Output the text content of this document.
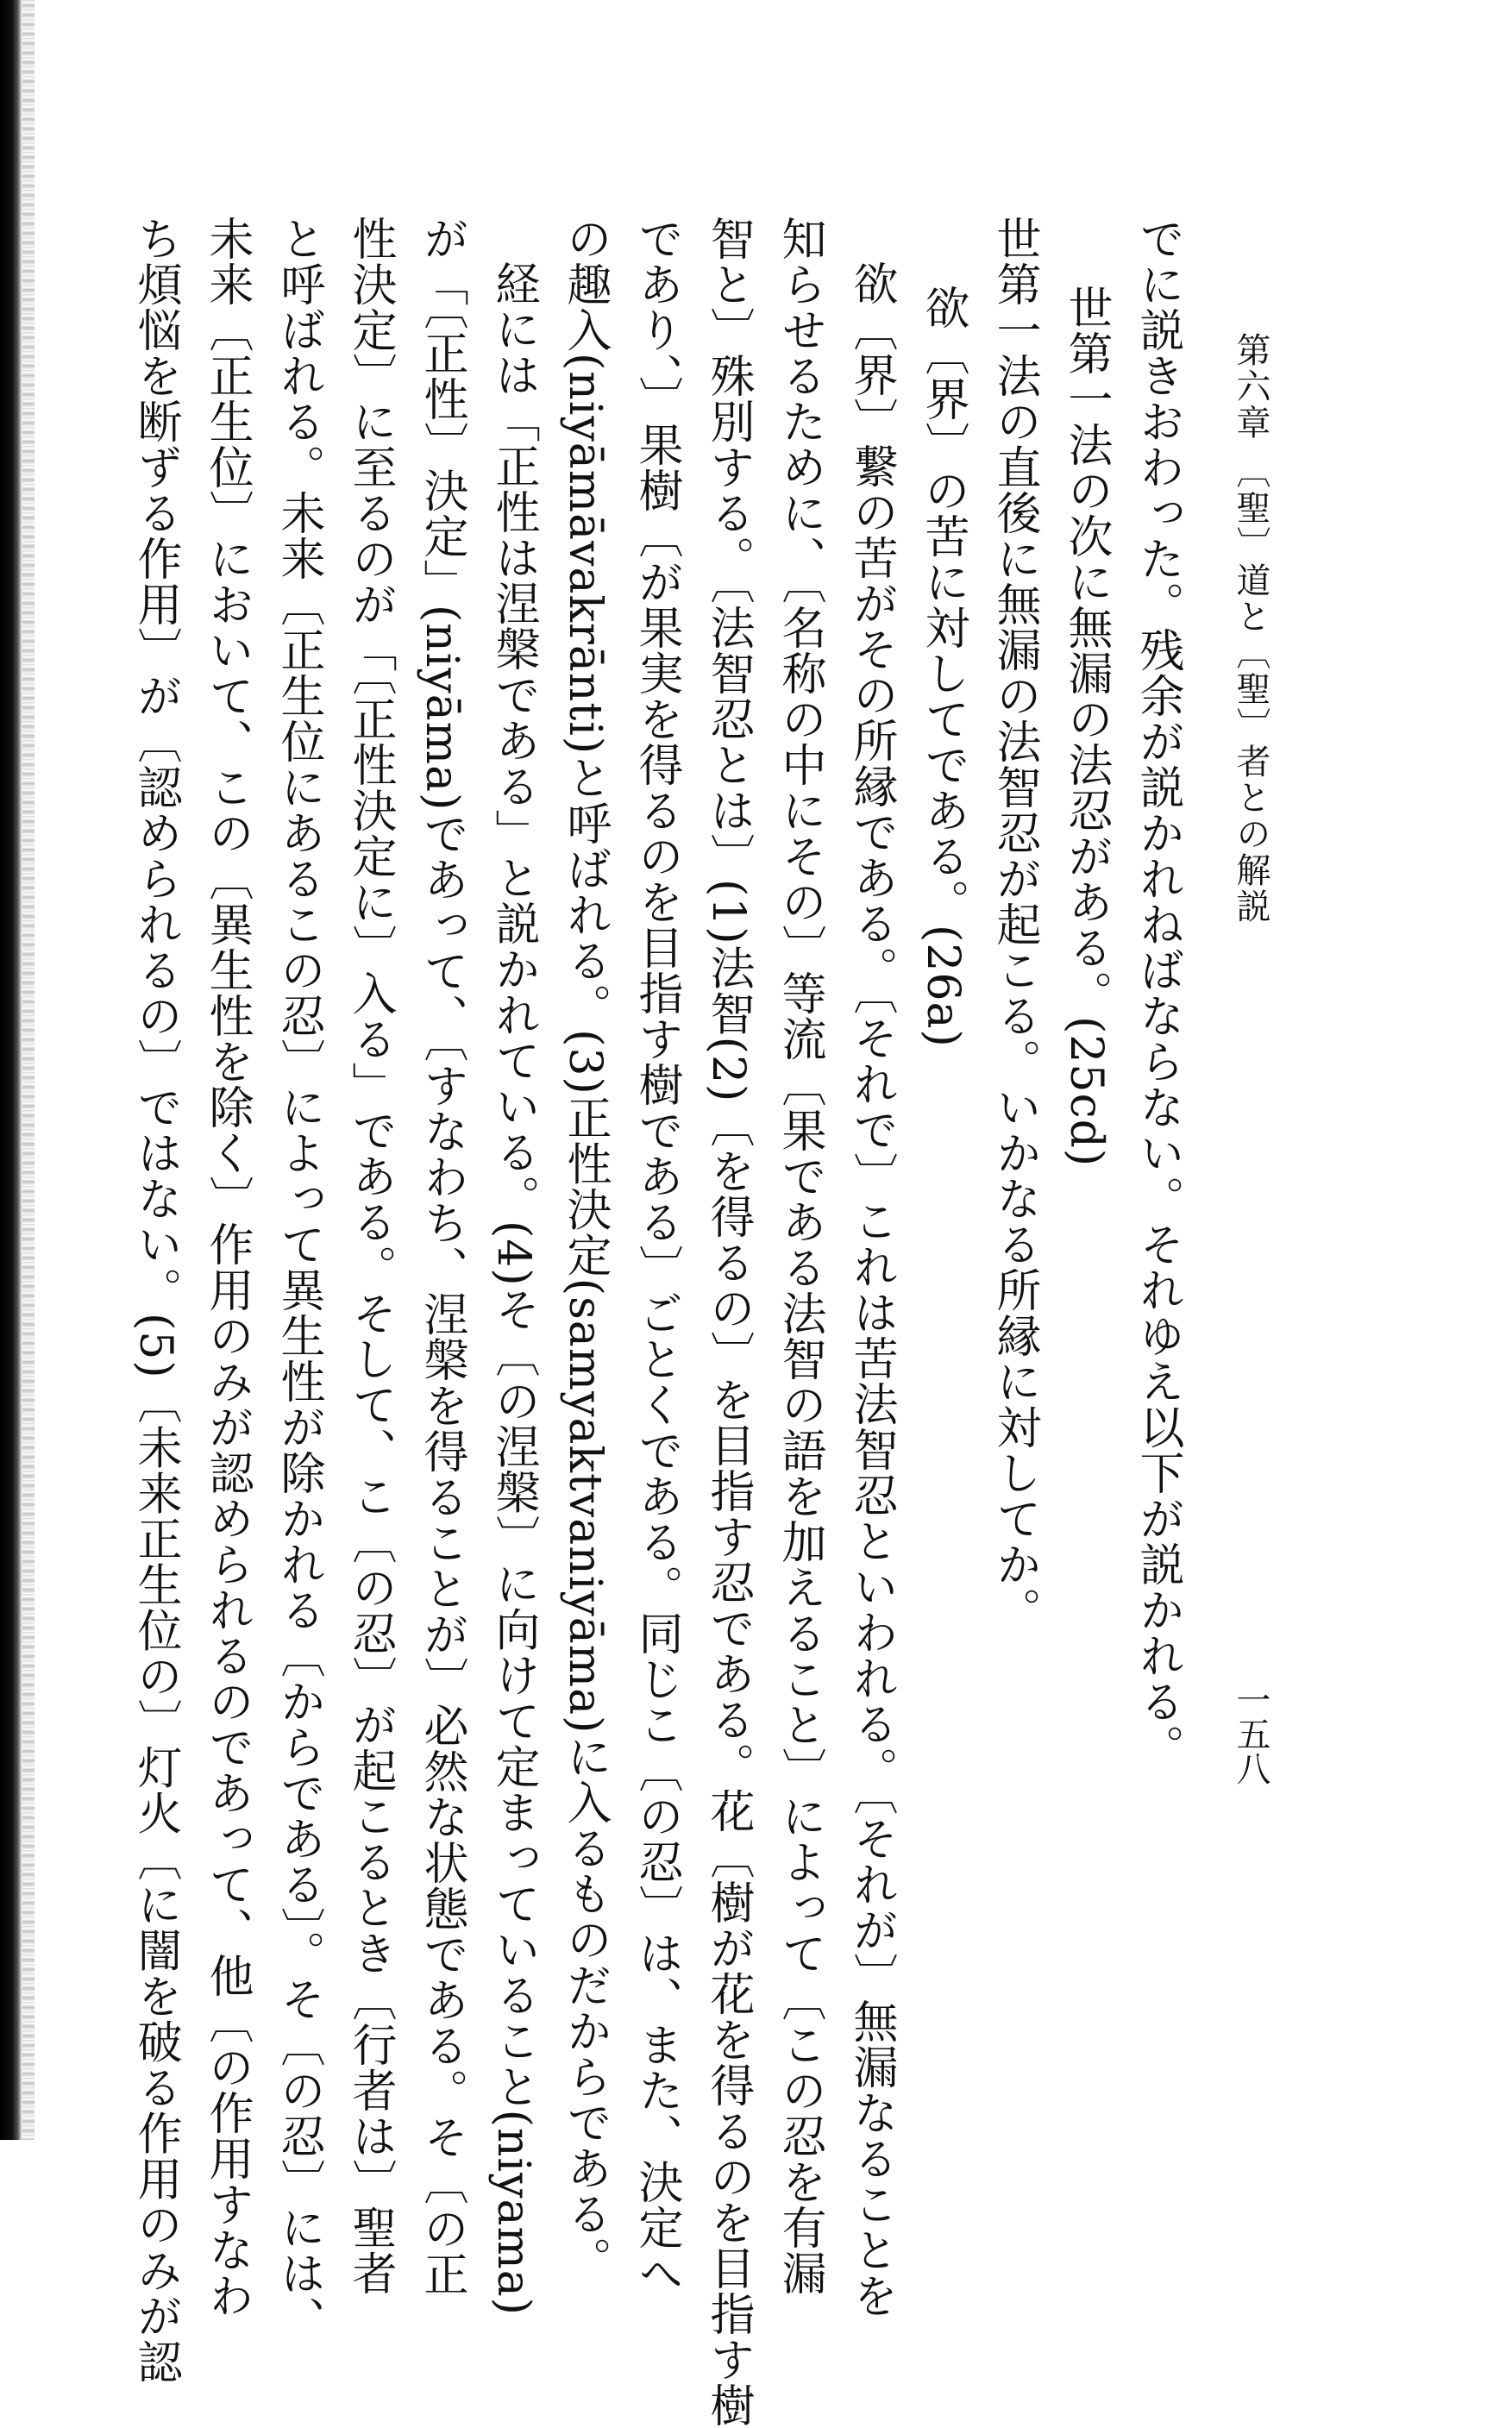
第六章 〔聖〕道と〔聖〕者との解説
一五八

でに説きおわった。残余が説かれねばならない。それゆえ以下が説かれる。

世第一法の次に無漏の法忍がある。(25cd)

世第一法の直後に無漏の法智忍が起こる。いかなる所縁に対してか。

欲〔界〕の苦に対してである。(26a)

欲〔界〕繋の苦がその所縁である。〔それで〕これは苦法智忍といわれる。〔それが〕無漏なることを

知らせるために、〔名称の中にその〕等流〔果である法智の語を加えること〕によって〔この忍を有漏

智と〕殊別する。〔法智忍とは〕(1)法智(2)〔を得るの〕を目指す忍である。花〔樹が花を得るのを目指す樹

であり、〕果樹〔が果実を得るのを目指す樹である〕ごとくである。同じこ〔の忍〕は、また、決定へ

の趣入(niyāmāvakrānti)と呼ばれる。(3)正性決定(samyaktvaniyāma)に入るものだからである。

経には「正性は涅槃である」と説かれている。(4)そ〔の涅槃〕に向けて定まっていること(niyama)

が「〔正性〕決定」(niyāma)であって、〔すなわち、涅槃を得ることが〕必然な状態である。そ〔の正

性決定〕に至るのが「〔正性決定に〕入る」である。そして、こ〔の忍〕が起こるとき〔行者は〕聖者

と呼ばれる。未来〔正生位にあるこの忍〕によって異生性が除かれる〔からである〕。そ〔の忍〕には、

未来〔正生位〕において、この〔異生性を除く〕作用のみが認められるのであって、他〔の作用すなわ

ち煩悩を断ずる作用〕が〔認められるの〕ではない。(5)〔未来正生位の〕灯火〔に闇を破る作用のみが認
